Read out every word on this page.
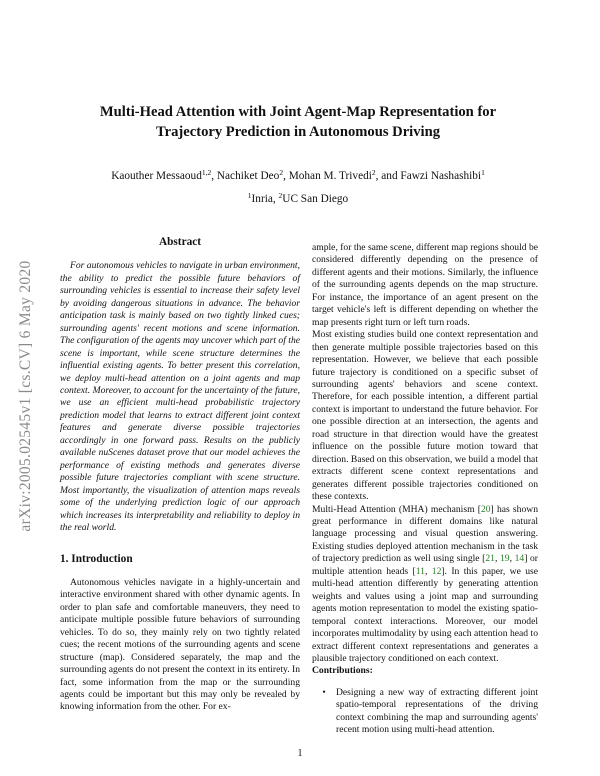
arXiv:2005.02545v1 [cs.CV] 6 May 2020
Multi-Head Attention with Joint Agent-Map Representation for
Trajectory Prediction in Autonomous Driving
Kaouther Messaoud$^{1,2}$, Nachiket Deo$^2$, Mohan M. Trivedi$^2$, and Fawzi Nashashibi$^1$
$^1$Inria, $^2$UC San Diego
Abstract

For autonomous vehicles to navigate in urban environment, the ability to predict the possible future behaviors of surrounding vehicles is essential to increase their safety level by avoiding dangerous situations in advance. The behavior anticipation task is mainly based on two tightly linked cues; surrounding agents' recent motions and scene information. The configuration of the agents may uncover which part of the scene is important, while scene structure determines the influential existing agents. To better present this correlation, we deploy multi-head attention on a joint agents and map context. Moreover, to account for the uncertainty of the future, we use an efficient multi-head probabilistic trajectory prediction model that learns to extract different joint context features and generate diverse possible trajectories accordingly in one forward pass. Results on the publicly available nuScenes dataset prove that our model achieves the performance of existing methods and generates diverse possible future trajectories compliant with scene structure. Most importantly, the visualization of attention maps reveals some of the underlying prediction logic of our approach which increases its interpretability and reliability to deploy in the real world.

1. Introduction

Autonomous vehicles navigate in a highly-uncertain and interactive environment shared with other dynamic agents. In order to plan safe and comfortable maneuvers, they need to anticipate multiple possible future behaviors of surrounding vehicles. To do so, they mainly rely on two tightly related cues; the recent motions of the surrounding agents and scene structure (map). Considered separately, the map and the surrounding agents do not present the context in its entirety. In fact, some information from the map or the surrounding agents could be important but this may only be revealed by knowing information from the other. For ex-

ample, for the same scene, different map regions should be considered differently depending on the presence of different agents and their motions. Similarly, the influence of the surrounding agents depends on the map structure. For instance, the importance of an agent present on the target vehicle's left is different depending on whether the map presents right turn or left turn roads.

Most existing studies build one context representation and then generate multiple possible trajectories based on this representation. However, we believe that each possible future trajectory is conditioned on a specific subset of surrounding agents' behaviors and scene context. Therefore, for each possible intention, a different partial context is important to understand the future behavior. For one possible direction at an intersection, the agents and road structure in that direction would have the greatest influence on the possible future motion toward that direction. Based on this observation, we build a model that extracts different scene context representations and generates different possible trajectories conditioned on these contexts.

Multi-Head Attention (MHA) mechanism [20] has shown great performance in different domains like natural language processing and visual question answering. Existing studies deployed attention mechanism in the task of trajectory prediction as well using single [21, 19, 14] or multiple attention heads [11, 12]. In this paper, we use multi-head attention differently by generating attention weights and values using a joint map and surrounding agents motion representation to model the existing spatio-temporal context interactions. Moreover, our model incorporates multimodality by using each attention head to extract different context representations and generates a plausible trajectory conditioned on each context.

Contributions:

•	Designing a new way of extracting different joint spatio-temporal representations of the driving context combining the map and surrounding agents' recent motion using multi-head attention.
1
